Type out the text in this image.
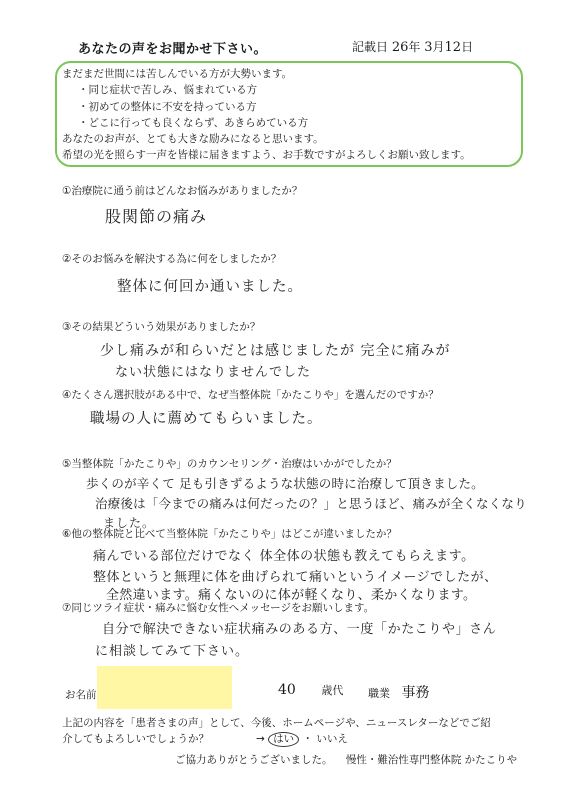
あなたの声をお聞かせ下さい。	記載日 26年 3月12日
まだまだ世間には苦しんでいる方が大勢います。
・同じ症状で苦しみ、悩まれている方
・初めての整体に不安を持っている方
・どこに行っても良くならず、あきらめている方
あなたのお声が、とても大きな励みになると思います。
希望の光を照らす一声を皆様に届きますよう、お手数ですがよろしくお願い致します。
①治療院に通う前はどんなお悩みがありましたか？
股関節の痛み
②そのお悩みを解決する為に何をしましたか？
整体に何回か通いました。
③その結果どういう効果がありましたか？
少し痛みが和らいだとは感じましたが 完全に痛みが
ない状態にはなりませんでした
④たくさん選択肢がある中で、なぜ当整体院「かたこりや」を選んだのですか？
職場の人に薦めてもらいました。
⑤当整体院「かたこりや」のカウンセリング・治療はいかがでしたか？
歩くのが辛くて 足も引きずるような状態の時に治療して頂きました。
治療後は「今までの痛みは何だったの？」と思うほど、痛みが全くなくなり
ました。
⑥他の整体院と比べて当整体院「かたこりや」はどこが違いましたか？
痛んでいる部位だけでなく 体全体の状態も教えてもらえます。
整体というと無理に体を曲げられて痛いというイメージでしたが、
全然違います。痛くないのに体が軽くなり、柔かくなります。
⑦同じツライ症状・痛みに悩む女性へメッセージをお願いします。
自分で解決できない症状痛みのある方、一度「かたこりや」さん
に相談してみて下さい。
お名前	40 歳代 職業 事務
上記の内容を「患者さまの声」として、今後、ホームページや、ニュースレターなどでご紹
介してもよろしいでしょうか？	→ はい ・ いいえ
ご協力ありがとうございました。 慢性・難治性専門整体院 かたこりや
